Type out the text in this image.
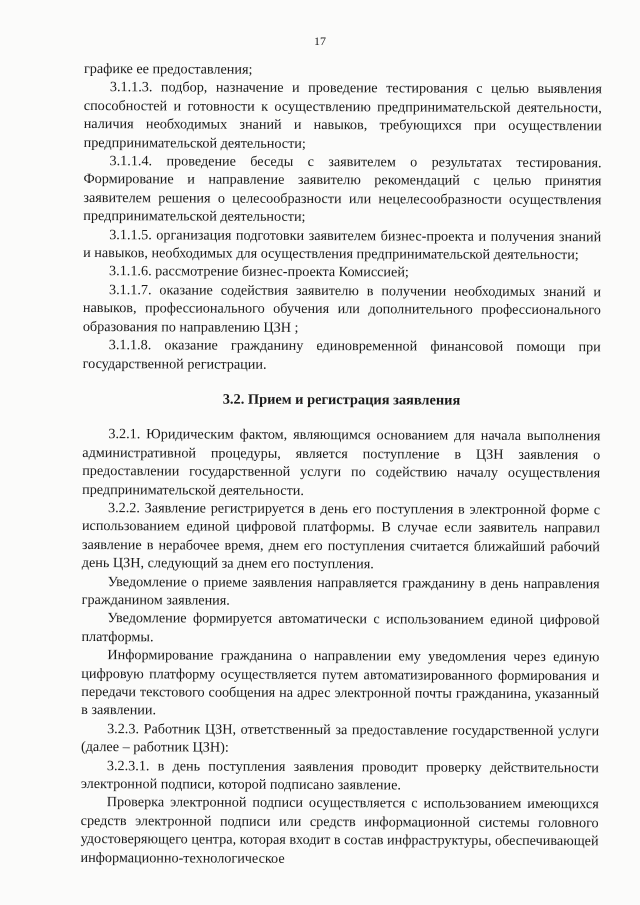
17

графике ее предоставления;

3.1.1.3. подбор, назначение и проведение тестирования с целью выявления способностей и готовности к осуществлению предпринимательской деятельности, наличия необходимых знаний и навыков, требующихся при осуществлении предпринимательской деятельности;

3.1.1.4. проведение беседы с заявителем о результатах тестирования. Формирование и направление заявителю рекомендаций с целью принятия заявителем решения о целесообразности или нецелесообразности осуществления предпринимательской деятельности;

3.1.1.5. организация подготовки заявителем бизнес-проекта и получения знаний и навыков, необходимых для осуществления предпринимательской деятельности;

3.1.1.6. рассмотрение бизнес-проекта Комиссией;

3.1.1.7. оказание содействия заявителю в получении необходимых знаний и навыков, профессионального обучения или дополнительного профессионального образования по направлению ЦЗН ;

3.1.1.8. оказание гражданину единовременной финансовой помощи при государственной регистрации.

3.2. Прием и регистрация заявления

3.2.1. Юридическим фактом, являющимся основанием для начала выполнения административной процедуры, является поступление в ЦЗН заявления о предоставлении государственной услуги по содействию началу осуществления предпринимательской деятельности.

3.2.2. Заявление регистрируется в день его поступления в электронной форме с использованием единой цифровой платформы. В случае если заявитель направил заявление в нерабочее время, днем его поступления считается ближайший рабочий день ЦЗН, следующий за днем его поступления.

Уведомление о приеме заявления направляется гражданину в день направления гражданином заявления.

Уведомление формируется автоматически с использованием единой цифровой платформы.

Информирование гражданина о направлении ему уведомления через единую цифровую платформу осуществляется путем автоматизированного формирования и передачи текстового сообщения на адрес электронной почты гражданина, указанный в заявлении.

3.2.3. Работник ЦЗН, ответственный за предоставление государственной услуги (далее – работник ЦЗН):

3.2.3.1. в день поступления заявления проводит проверку действительности электронной подписи, которой подписано заявление.

Проверка электронной подписи осуществляется с использованием имеющихся средств электронной подписи или средств информационной системы головного удостоверяющего центра, которая входит в состав инфраструктуры, обеспечивающей информационно-технологическое
